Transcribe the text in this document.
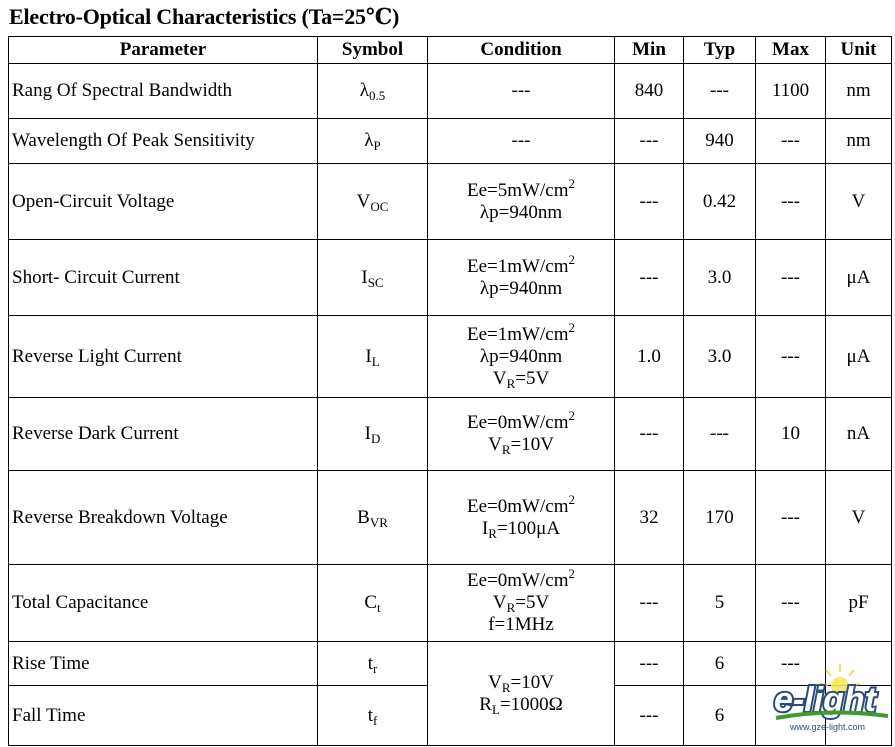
Electro-Optical Characteristics (Ta=25℃)
Parameter	Symbol	Condition	Min	Typ	Max	Unit
Rang Of Spectral Bandwidth	$\lambda_{0.5}$	---	840	---	1100	nm
Wavelength Of Peak Sensitivity	$\lambda_P$	---	---	940	---	nm
Open-Circuit Voltage	$V_{OC}$	$Ee=5mW/cm^2$
λp=940nm	---	0.42	---	V
Short- Circuit Current	$I_{SC}$	$Ee=1mW/cm^2$
λp=940nm	---	3.0	---	μA
Reverse Light Current	$I_L$	$Ee=1mW/cm^2$
λp=940nm
$V_R=5V$	1.0	3.0	---	μA
Reverse Dark Current	$I_D$	$Ee=0mW/cm^2$
$V_R=10V$	---	---	10	nA
Reverse Breakdown Voltage	$B_{VR}$	$Ee=0mW/cm^2$
$I_R=100\mu A$	32	170	---	V
Total Capacitance	$C_t$	$Ee=0mW/cm^2$
$V_R=5V$
f=1MHz	---	5	---	pF
Rise Time	$t_r$	$V_R=10V$
$R_L=1000\Omega$	---	6	---	
Fall Time	$t_f$		---	6		e-light
www.gze-light.com
